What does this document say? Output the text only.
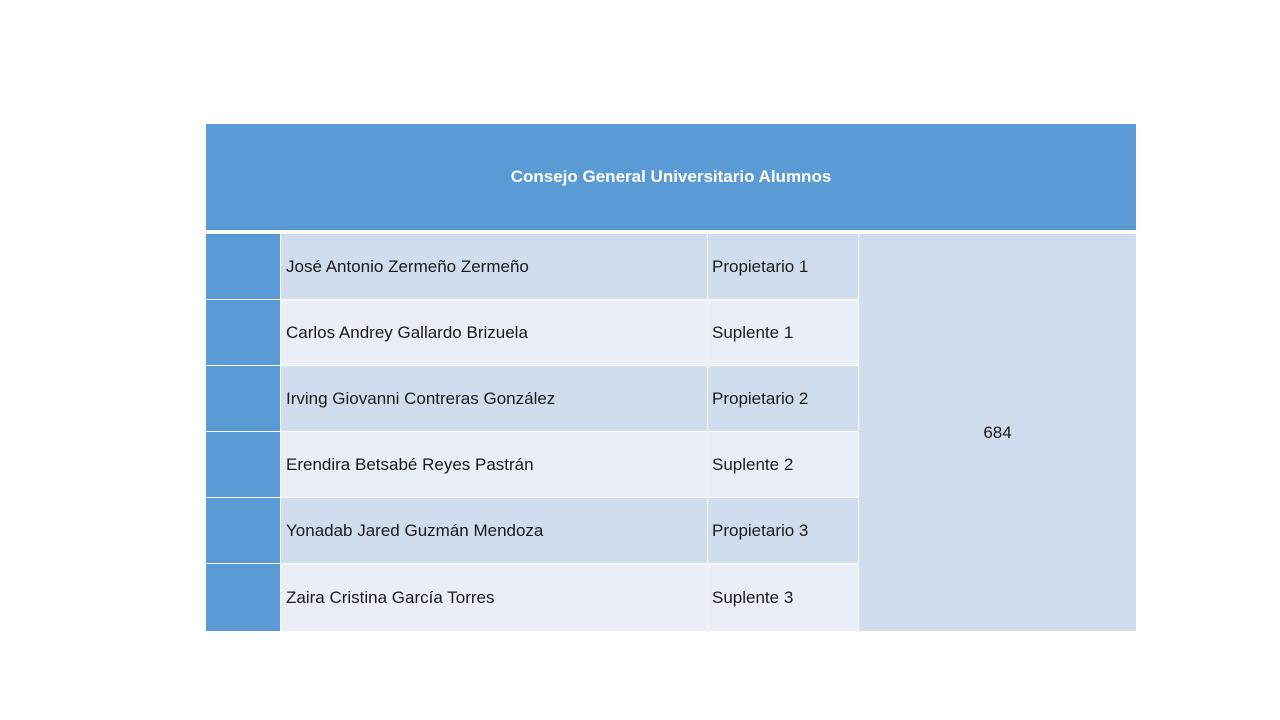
Consejo General Universitario Alumnos
José Antonio Zermeño Zermeño	Propietario 1
Carlos Andrey Gallardo Brizuela	Suplente 1
Irving Giovanni Contreras González	Propietario 2
Erendira Betsabé Reyes Pastrán	Suplente 2
Yonadab Jared Guzmán Mendoza	Propietario 3
Zaira Cristina García Torres	Suplente 3
684
